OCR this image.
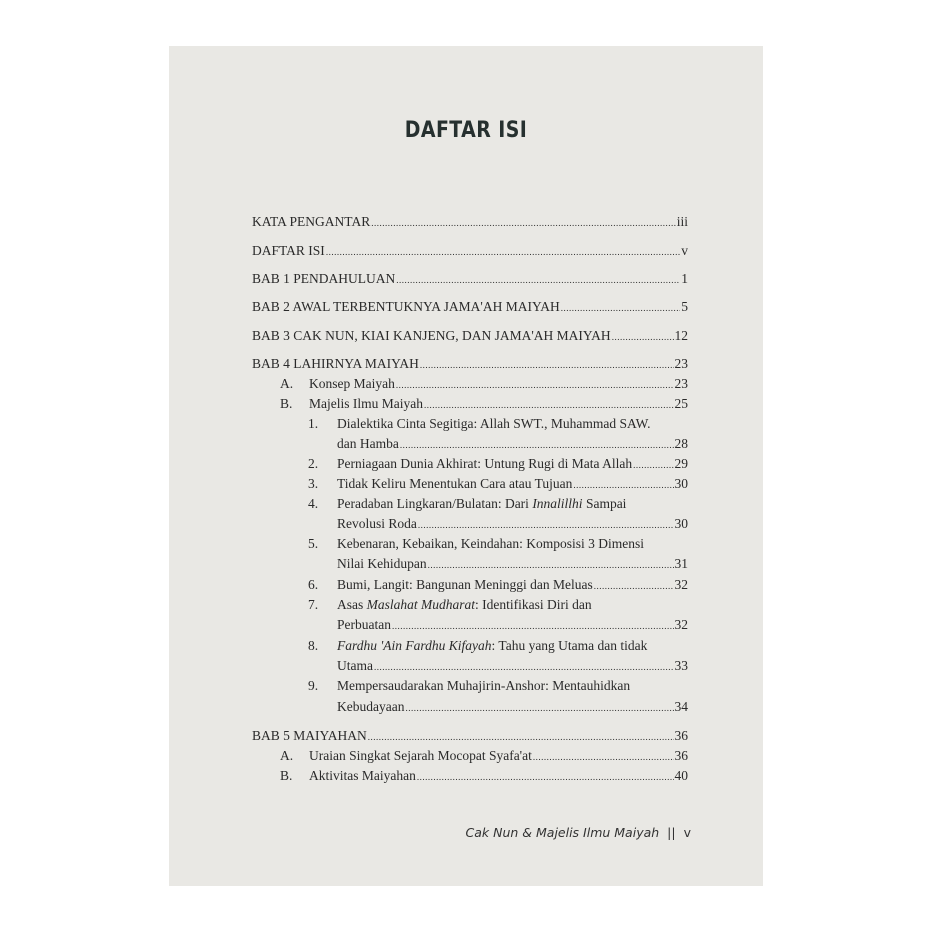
DAFTAR ISI
KATA PENGANTAR .....	iii
DAFTAR ISI .....	v
BAB 1 PENDAHULUAN .....	1
BAB 2 AWAL TERBENTUKNYA JAMA'AH MAIYAH .....	5
BAB 3 CAK NUN, KIAI KANJENG, DAN JAMA'AH MAIYAH .....	12
BAB 4 LAHIRNYA MAIYAH .....	23
A. Konsep Maiyah .....	23
B. Majelis Ilmu Maiyah .....	25
1. Dialektika Cinta Segitiga: Allah SWT., Muhammad SAW.
dan Hamba .....	28
2. Perniagaan Dunia Akhirat: Untung Rugi di Mata Allah .....	29
3. Tidak Keliru Menentukan Cara atau Tujuan .....	30
4. Peradaban Lingkaran/Bulatan: Dari Innalillhi Sampai
Revolusi Roda .....	30
5. Kebenaran, Kebaikan, Keindahan: Komposisi 3 Dimensi
Nilai Kehidupan .....	31
6. Bumi, Langit: Bangunan Meninggi dan Meluas .....	32
7. Asas Maslahat Mudharat: Identifikasi Diri dan
Perbuatan .....	32
8. Fardhu 'Ain Fardhu Kifayah: Tahu yang Utama dan tidak
Utama .....	33
9. Mempersaudarakan Muhajirin-Anshor: Mentauhidkan
Kebudayaan .....	34
BAB 5 MAIYAHAN .....	36
A. Uraian Singkat Sejarah Mocopat Syafa'at .....	36
B. Aktivitas Maiyahan .....	40
Cak Nun & Majelis Ilmu Maiyah || v
